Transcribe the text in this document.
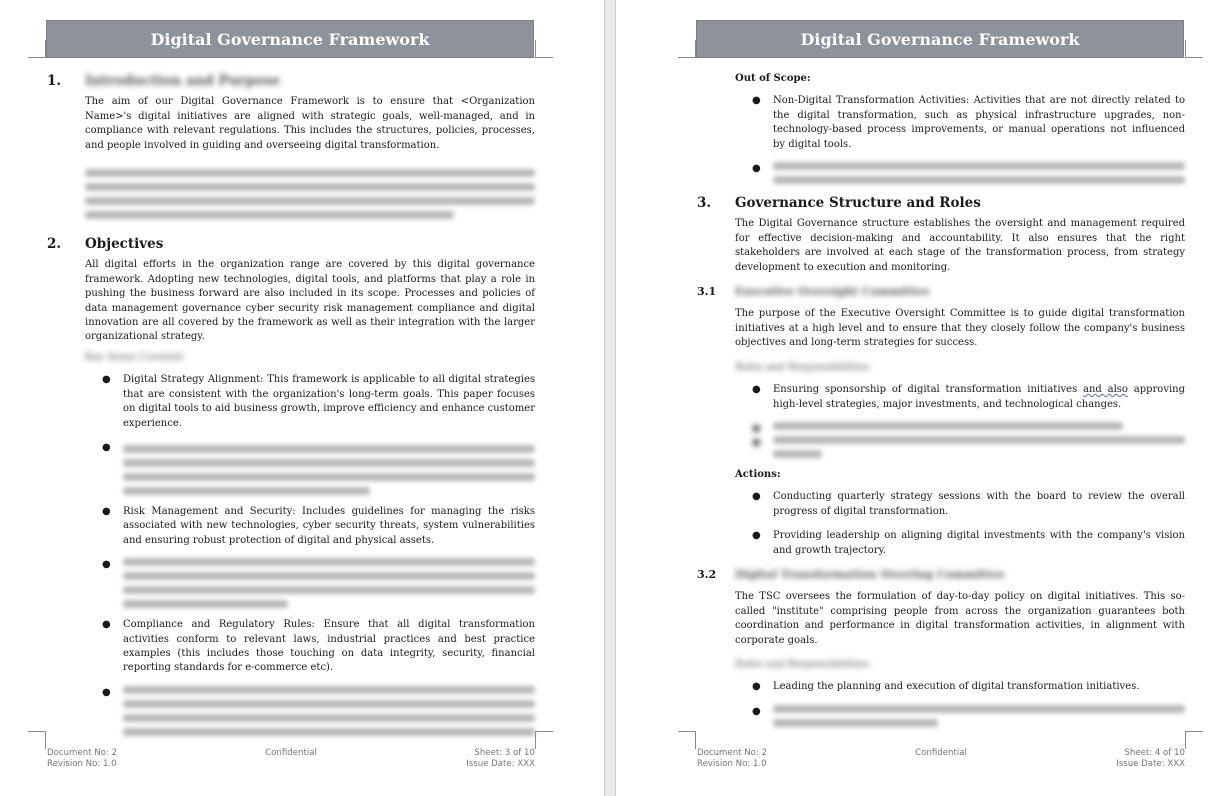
Digital Governance Framework
1.	Introduction and Purpose
The aim of our Digital Governance Framework is to ensure that <Organization Name>'s digital initiatives are aligned with strategic goals, well-managed, and in compliance with relevant regulations. This includes the structures, policies, processes, and people involved in guiding and overseeing digital transformation.
2.	Objectives
All digital efforts in the organization range are covered by this digital governance framework. Adopting new technologies, digital tools, and platforms that play a role in pushing the business forward are also included in its scope. Processes and policies of data management governance cyber security risk management compliance and digital innovation are all covered by the framework as well as their integration with the larger organizational strategy.
Key Areas Covered:
● Digital Strategy Alignment: This framework is applicable to all digital strategies that are consistent with the organization's long-term goals. This paper focuses on digital tools to aid business growth, improve efficiency and enhance customer experience.
●
● Risk Management and Security: Includes guidelines for managing the risks associated with new technologies, cyber security threats, system vulnerabilities and ensuring robust protection of digital and physical assets.
●
● Compliance and Regulatory Rules: Ensure that all digital transformation activities conform to relevant laws, industrial practices and best practice examples (this includes those touching on data integrity, security, financial reporting standards for e-commerce etc).
●
Document No: 2
Revision No: 1.0
Confidential	Sheet: 3 of 10
Issue Date: XXX
Digital Governance Framework
Out of Scope:
● Non-Digital Transformation Activities: Activities that are not directly related to the digital transformation, such as physical infrastructure upgrades, non-technology-based process improvements, or manual operations not influenced by digital tools.
●
3.	Governance Structure and Roles
The Digital Governance structure establishes the oversight and management required for effective decision-making and accountability. It also ensures that the right stakeholders are involved at each stage of the transformation process, from strategy development to execution and monitoring.
3.1	Executive Oversight Committee
The purpose of the Executive Oversight Committee is to guide digital transformation initiatives at a high level and to ensure that they closely follow the company's business objectives and long-term strategies for success.
Roles and Responsibilities:
● Ensuring sponsorship of digital transformation initiatives and also approving high-level strategies, major investments, and technological changes.
●
●
Actions:
● Conducting quarterly strategy sessions with the board to review the overall progress of digital transformation.
● Providing leadership on aligning digital investments with the company's vision and growth trajectory.
3.2	Digital Transformation Steering Committee
The TSC oversees the formulation of day-to-day policy on digital initiatives. This so-called "institute" comprising people from across the organization guarantees both coordination and performance in digital transformation activities, in alignment with corporate goals.
Roles and Responsibilities:
● Leading the planning and execution of digital transformation initiatives.
●
Document No: 2
Revision No: 1.0
Confidential	Sheet: 4 of 10
Issue Date: XXX
